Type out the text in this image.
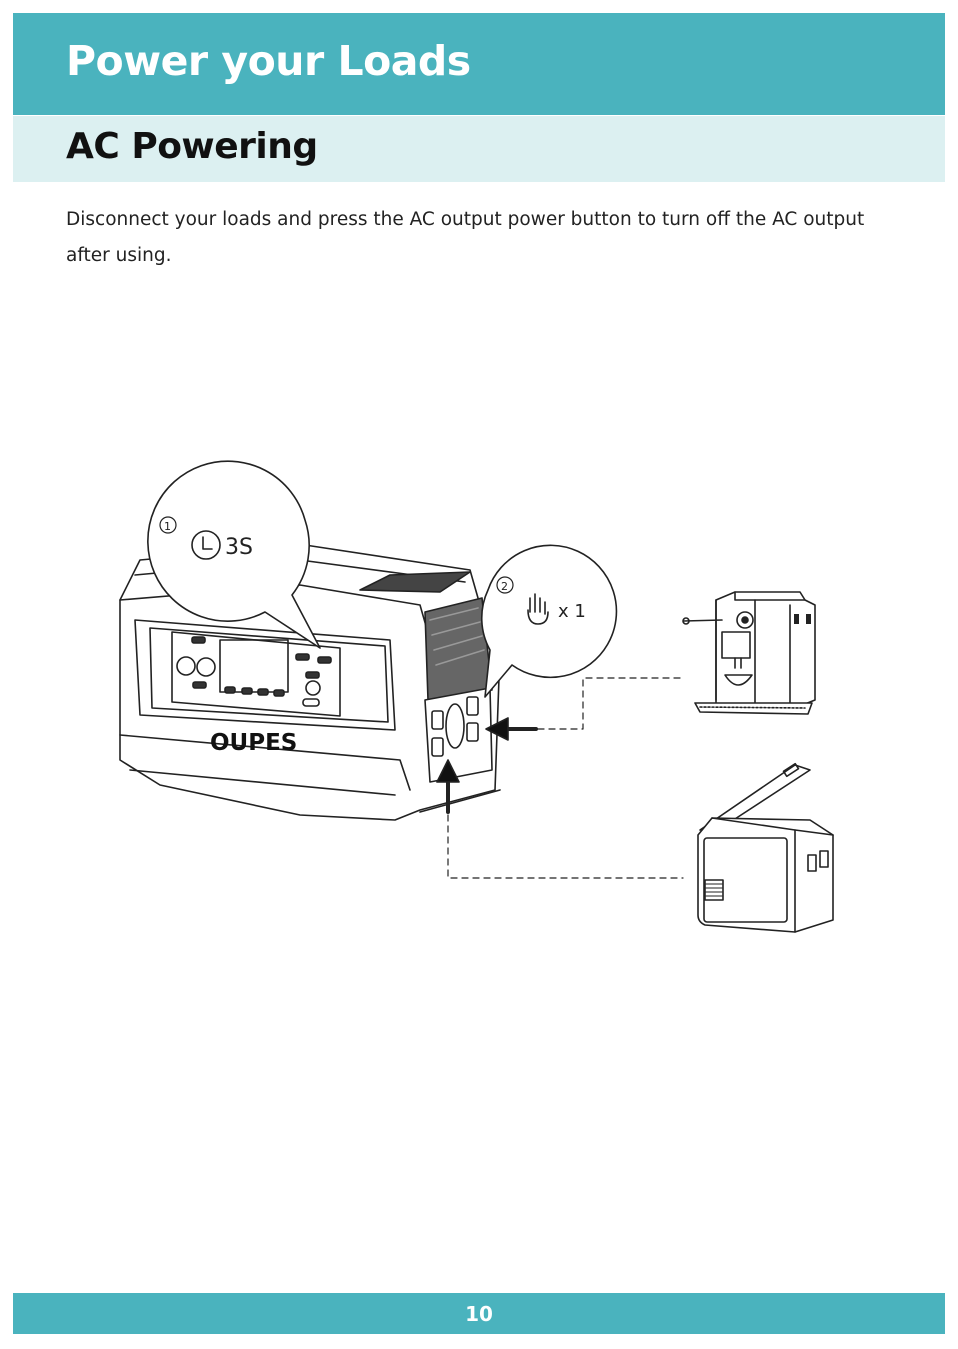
Power your Loads
AC Powering
Disconnect your loads and press the AC output power button to turn off the AC output after using.
OUPES
1
3S
2
x 1
10
